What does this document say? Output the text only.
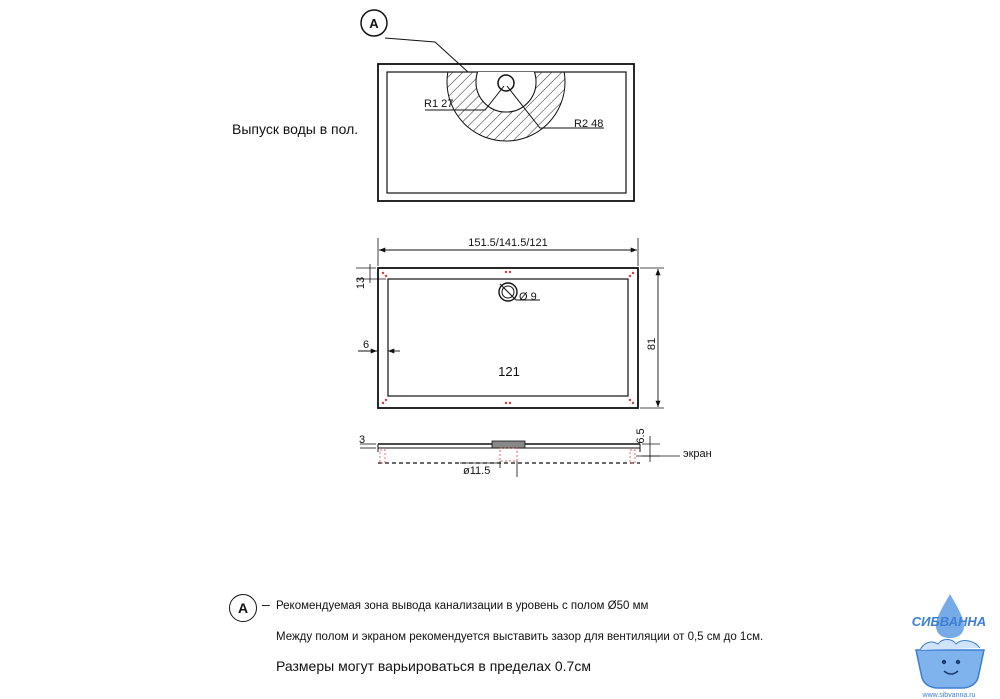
A
R1 27
R2 48
Ø 9
151.5/141.5/121
81
13
6
121
3	6.5
экран
ø11.5
Выпуск воды в пол.
A – Рекомендуемая зона вывода канализации в уровень с полом Ø50 мм
Между полом и экраном рекомендуется выставить зазор для вентиляции от 0,5 см до 1см.
Размеры могут варьироваться в пределах 0.7см
СИБВАННА
www.sibvanna.ru
